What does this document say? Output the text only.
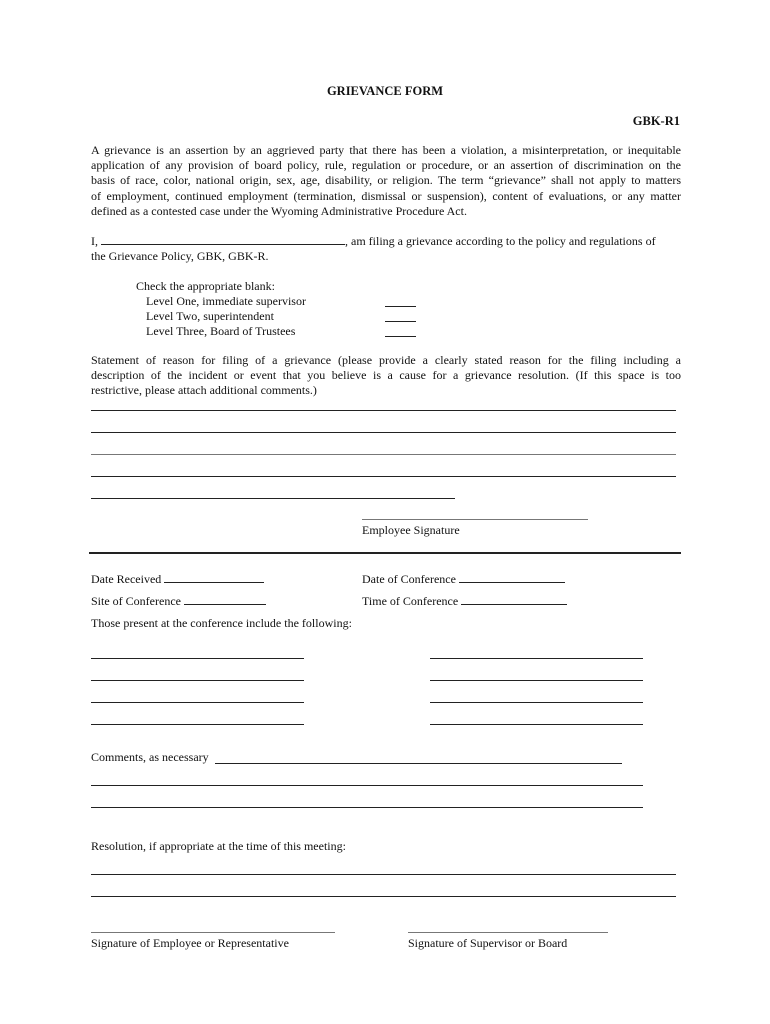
GRIEVANCE FORM
GBK-R1
A grievance is an assertion by an aggrieved party that there has been a violation, a misinterpretation, or inequitable
application of any provision of board policy, rule, regulation or procedure, or an assertion of discrimination on the
basis of race, color, national origin, sex, age, disability, or religion. The term “grievance” shall not apply to matters
of employment, continued employment (termination, dismissal or suspension), content of evaluations, or any matter
defined as a contested case under the Wyoming Administrative Procedure Act.
I,	, am filing a grievance according to the policy and regulations of
the Grievance Policy, GBK, GBK-R.
Check the appropriate blank:
Level One, immediate supervisor
Level Two, superintendent
Level Three, Board of Trustees
Statement of reason for filing of a grievance (please provide a clearly stated reason for the filing including a
description of the incident or event that you believe is a cause for a grievance resolution. (If this space is too
restrictive, please attach additional comments.)
Employee Signature
Date Received	Date of Conference
Site of Conference	Time of Conference
Those present at the conference include the following:
Comments, as necessary
Resolution, if appropriate at the time of this meeting:
Signature of Employee or Representative	Signature of Supervisor or Board
